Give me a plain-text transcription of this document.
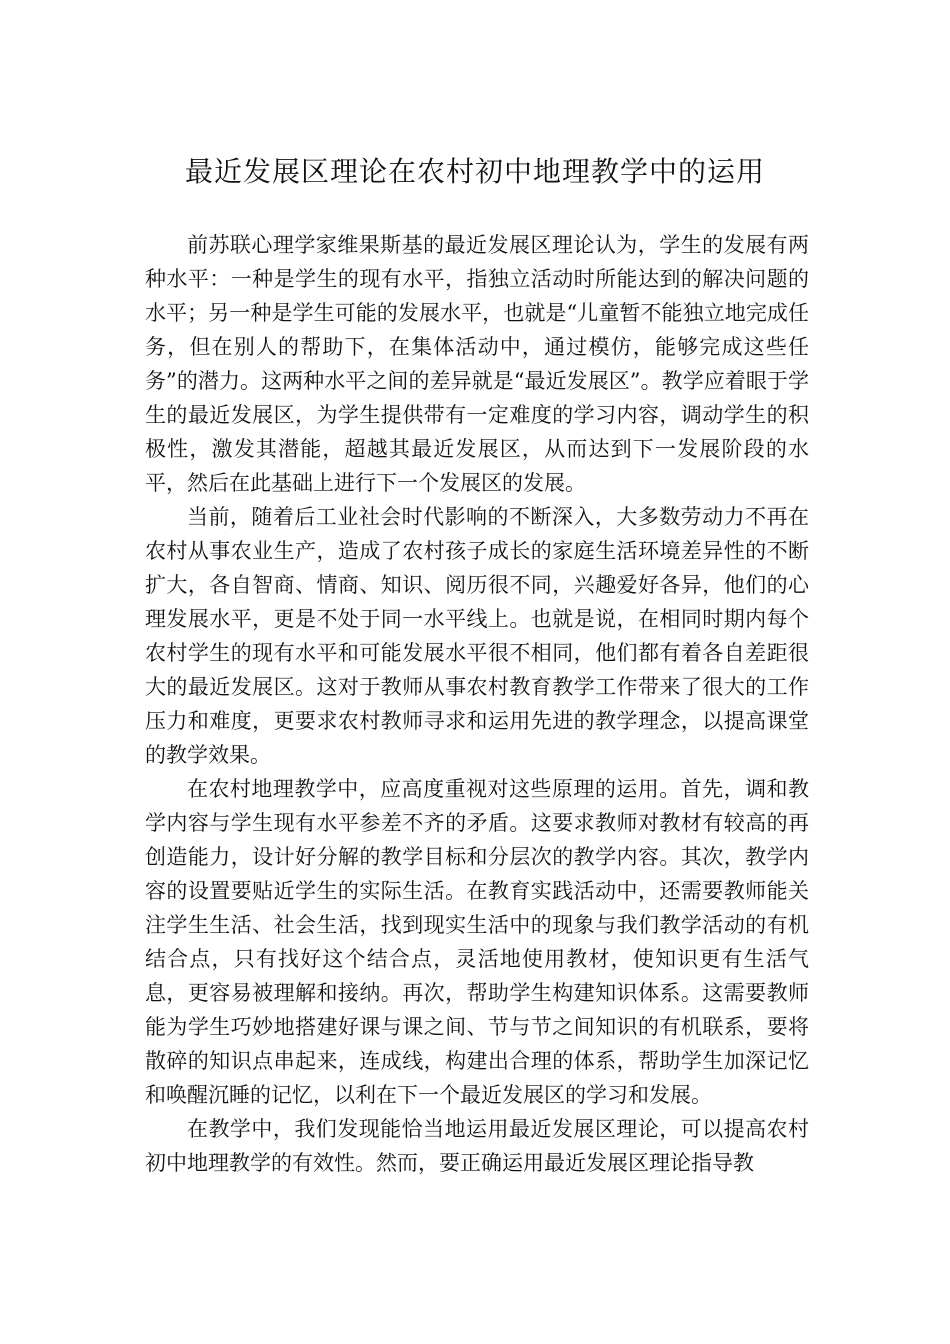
最近发展区理论在农村初中地理教学中的运用

前苏联心理学家维果斯基的最近发展区理论认为，学生的发展有两种水平：一种是学生的现有水平，指独立活动时所能达到的解决问题的水平；另一种是学生可能的发展水平，也就是“儿童暂不能独立地完成任务，但在别人的帮助下，在集体活动中，通过模仿，能够完成这些任务”的潜力。这两种水平之间的差异就是“最近发展区”。教学应着眼于学生的最近发展区，为学生提供带有一定难度的学习内容，调动学生的积极性，激发其潜能，超越其最近发展区，从而达到下一发展阶段的水平，然后在此基础上进行下一个发展区的发展。

当前，随着后工业社会时代影响的不断深入，大多数劳动力不再在农村从事农业生产，造成了农村孩子成长的家庭生活环境差异性的不断扩大，各自智商、情商、知识、阅历很不同，兴趣爱好各异，他们的心理发展水平，更是不处于同一水平线上。也就是说，在相同时期内每个农村学生的现有水平和可能发展水平很不相同，他们都有着各自差距很大的最近发展区。这对于教师从事农村教育教学工作带来了很大的工作压力和难度，更要求农村教师寻求和运用先进的教学理念，以提高课堂的教学效果。

在农村地理教学中，应高度重视对这些原理的运用。首先，调和教学内容与学生现有水平参差不齐的矛盾。这要求教师对教材有较高的再创造能力，设计好分解的教学目标和分层次的教学内容。其次，教学内容的设置要贴近学生的实际生活。在教育实践活动中，还需要教师能关注学生生活、社会生活，找到现实生活中的现象与我们教学活动的有机结合点，只有找好这个结合点，灵活地使用教材，使知识更有生活气息，更容易被理解和接纳。再次，帮助学生构建知识体系。这需要教师能为学生巧妙地搭建好课与课之间、节与节之间知识的有机联系，要将散碎的知识点串起来，连成线，构建出合理的体系，帮助学生加深记忆和唤醒沉睡的记忆，以利在下一个最近发展区的学习和发展。

在教学中，我们发现能恰当地运用最近发展区理论，可以提高农村初中地理教学的有效性。然而，要正确运用最近发展区理论指导教
